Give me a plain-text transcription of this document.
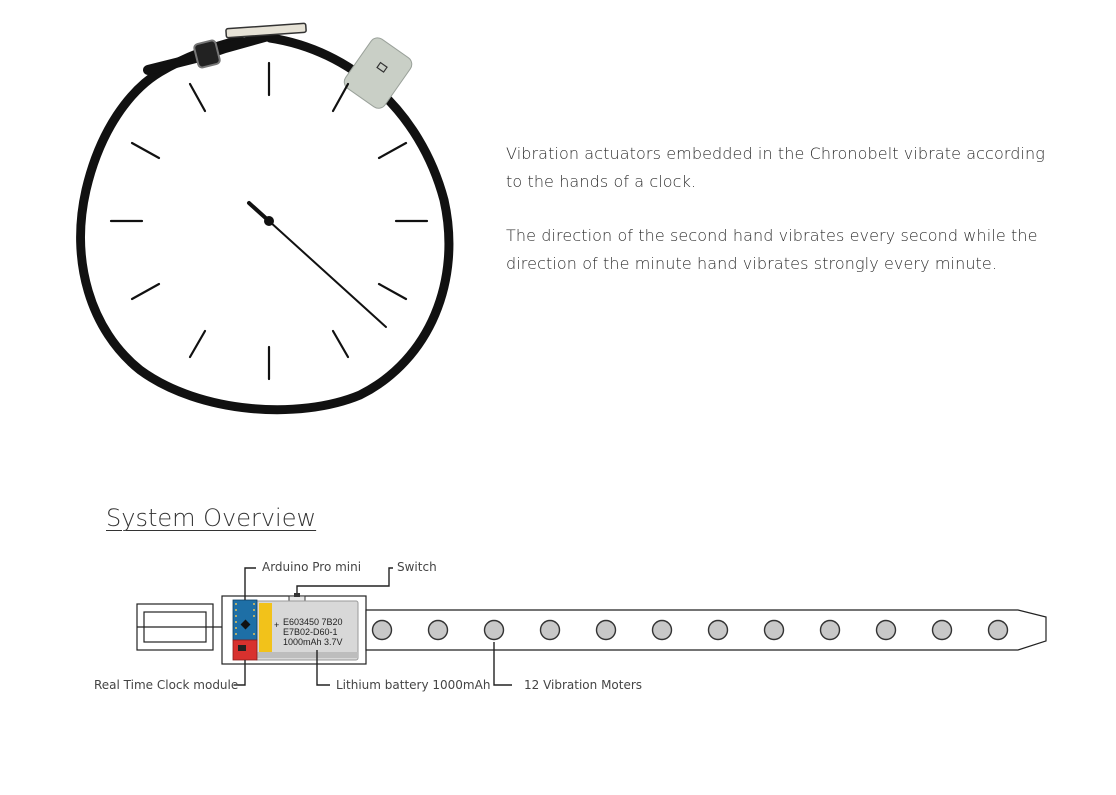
Vibration actuators embedded in the Chronobelt vibrate according to the hands of a clock.

The direction of the second hand vibrates every second while the direction of the minute hand vibrates strongly every minute.

System Overview
+ E603450 7B20
E7B02-D60-1
1000mAh 3.7V
Arduino Pro mini	Switch
Real Time Clock module	Lithium battery 1000mAh	12 Vibration Moters
